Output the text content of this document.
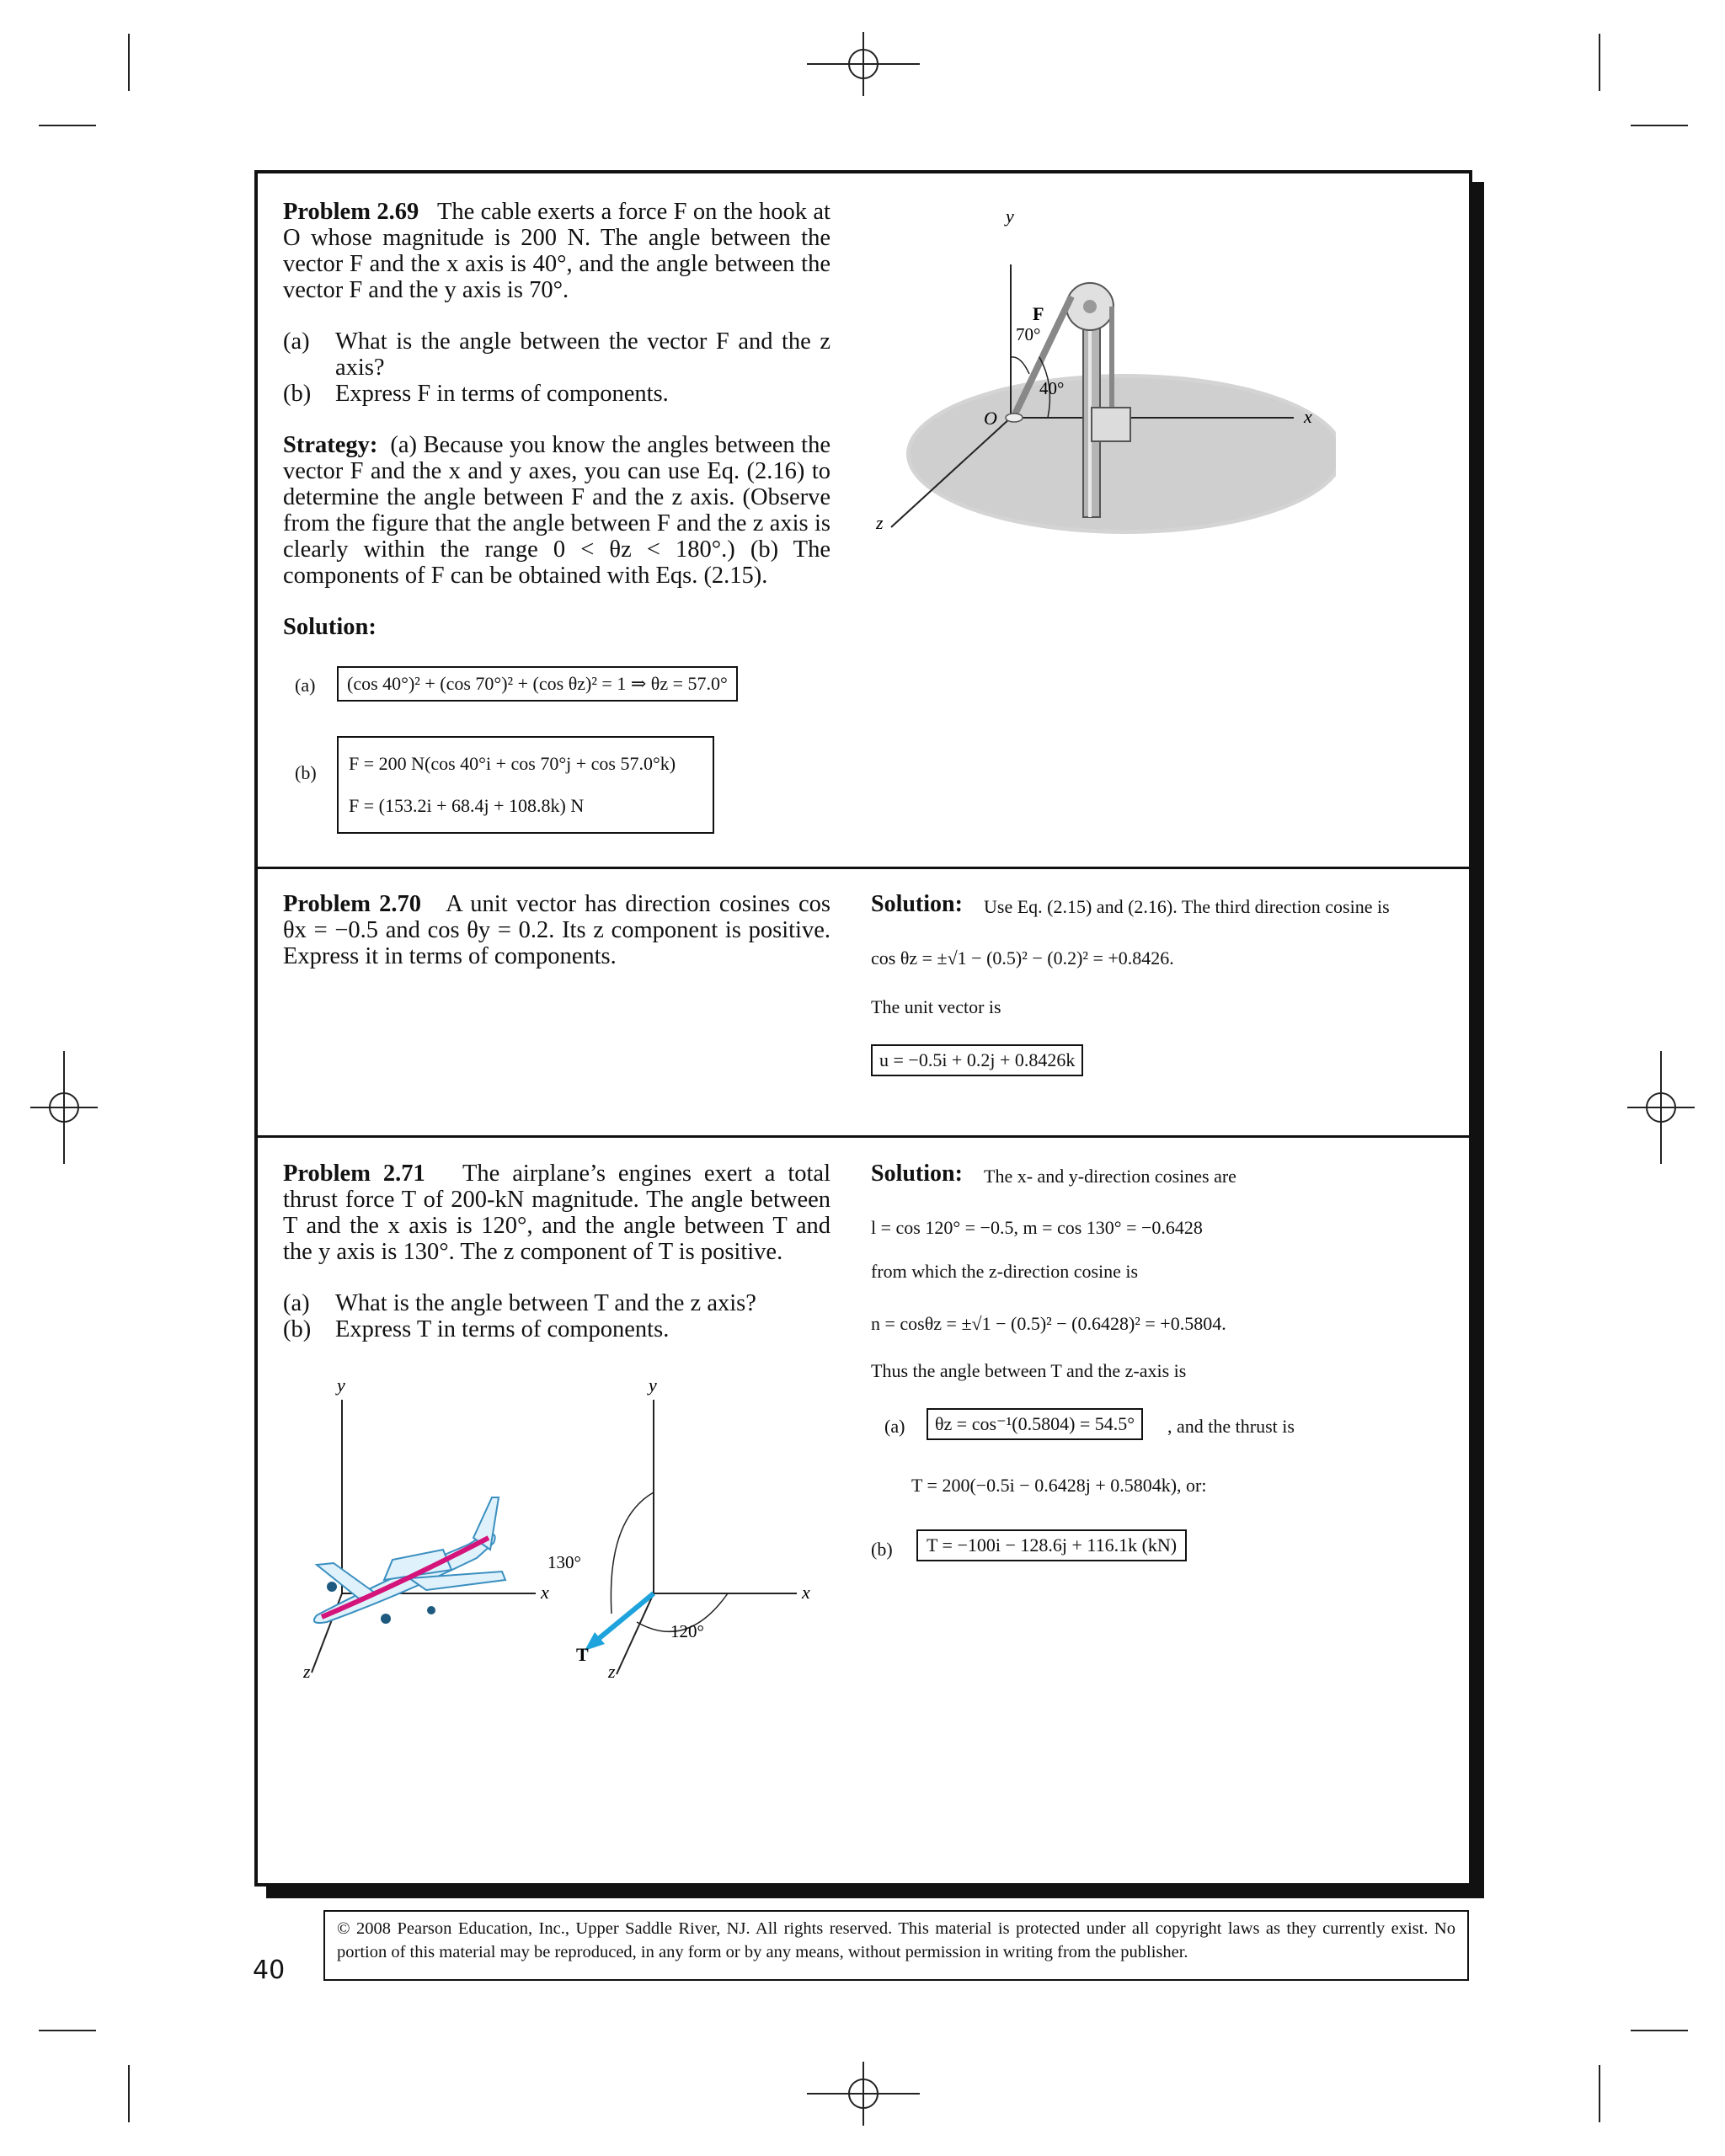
Problem 2.69 The cable exerts a force F on the hook at O whose magnitude is 200 N. The angle between the vector F and the x axis is 40°, and the angle between the vector F and the y axis is 70°.

(a)	What is the angle between the vector F and the z axis?
(b)	Express F in terms of components.

Strategy: (a) Because you know the angles between the vector F and the x and y axes, you can use Eq. (2.16) to determine the angle between F and the z axis. (Observe from the figure that the angle between F and the z axis is clearly within the range 0 < θz < 180°.) (b) The components of F can be obtained with Eqs. (2.15).

Solution:

(a)	(cos 40°)² + (cos 70°)² + (cos θz)² = 1 ⇒ θz = 57.0°
(b) F = 200 N(cos 40°i + cos 70°j + cos 57.0°k)
F = (153.2i + 68.4j + 108.8k) N
y
x
z
O
F
70°
40°

Problem 2.70 A unit vector has direction cosines cos θx = −0.5 and cos θy = 0.2. Its z component is positive. Express it in terms of components.

Solution: Use Eq. (2.15) and (2.16). The third direction cosine is
cos θz = ±√1 − (0.5)² − (0.2)² = +0.8426.
The unit vector is
u = −0.5i + 0.2j + 0.8426k

Problem 2.71 The airplane’s engines exert a total thrust force T of 200-kN magnitude. The angle between T and the x axis is 120°, and the angle between T and the y axis is 130°. The z component of T is positive.

(a)	What is the angle between T and the z axis?
(b)	Express T in terms of components.
y
x
z
y
x
z
T
130°
120°
Solution: The x- and y-direction cosines are
l = cos 120° = −0.5, m = cos 130° = −0.6428
from which the z-direction cosine is
n = cosθz = ±√1 − (0.5)² − (0.6428)² = +0.5804.
Thus the angle between T and the z-axis is
(a)	θz = cos⁻¹(0.5804) = 54.5°	, and the thrust is
T = 200(−0.5i − 0.6428j + 0.5804k), or:
(b)	T = −100i − 128.6j + 116.1k (kN)
© 2008 Pearson Education, Inc., Upper Saddle River, NJ. All rights reserved. This material is protected under all copyright laws as they currently exist. No portion of this material may be reproduced, in any form or by any means, without permission in writing from the publisher.
40
